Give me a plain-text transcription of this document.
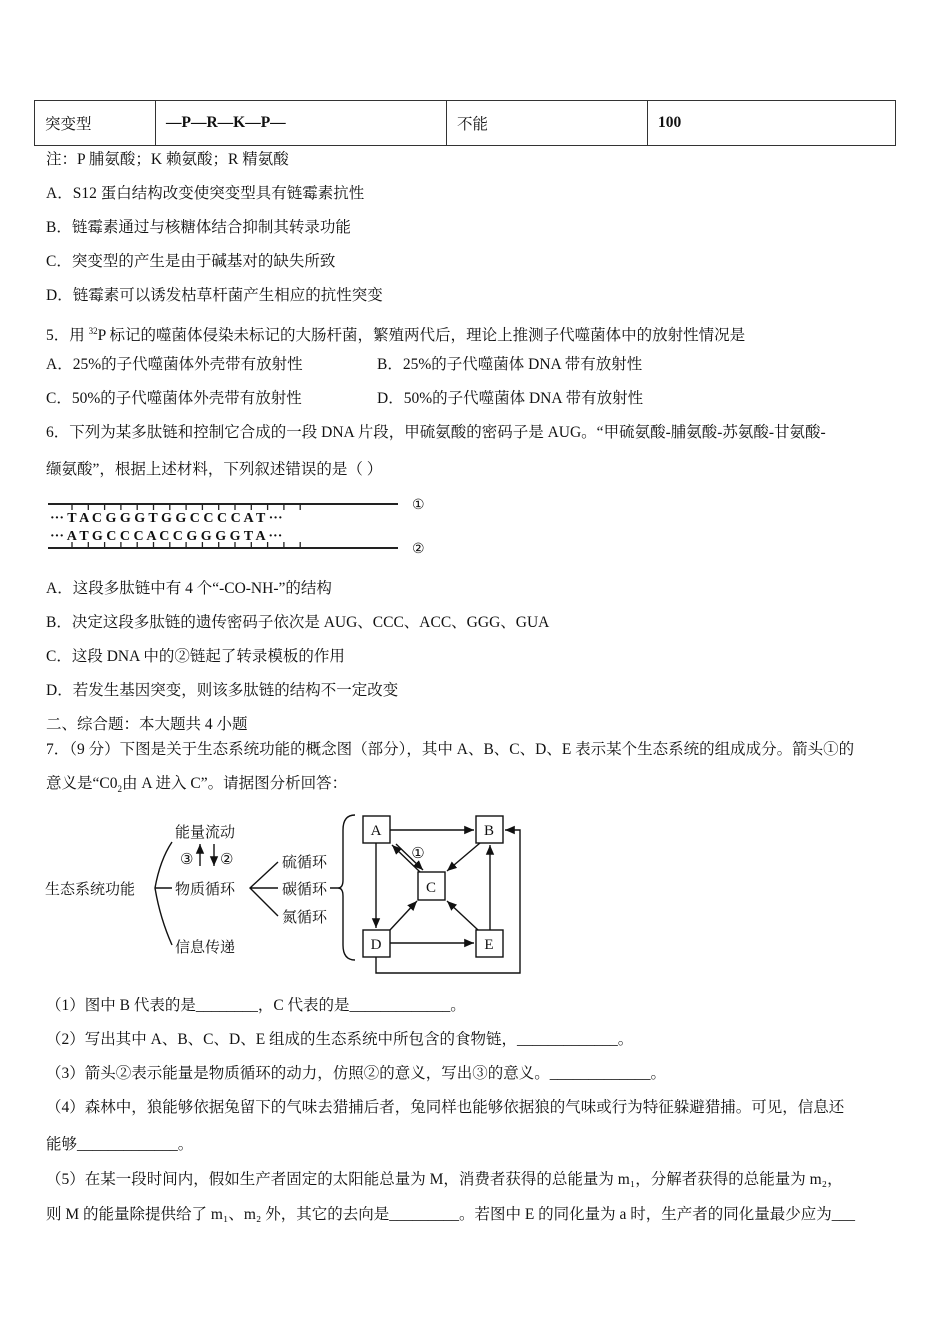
突变型	—P—R—K—P—	不能	100
注：P 脯氨酸；K 赖氨酸；R 精氨酸
A．S12 蛋白结构改变使突变型具有链霉素抗性
B．链霉素通过与核糖体结合抑制其转录功能
C．突变型的产生是由于碱基对的缺失所致
D．链霉素可以诱发枯草杆菌产生相应的抗性突变
5．用 $^{32}$P 标记的噬菌体侵染未标记的大肠杆菌，繁殖两代后，理论上推测子代噬菌体中的放射性情况是
A．25%的子代噬菌体外壳带有放射性	B．25%的子代噬菌体 DNA 带有放射性
C．50%的子代噬菌体外壳带有放射性	D．50%的子代噬菌体 DNA 带有放射性
6．下列为某多肽链和控制它合成的一段 DNA 片段，甲硫氨酸的密码子是 AUG。“甲硫氨酸-脯氨酸-苏氨酸-甘氨酸-
缬氨酸”，根据上述材料，下列叙述错误的是（ ）
··· T A C G G G T G G C C C C A T ···
··· A T G C C C A C C G G G G T A ···
①
②
A．这段多肽链中有 4 个“-CO-NH-”的结构
B．决定这段多肽链的遗传密码子依次是 AUG、CCC、ACC、GGG、GUA
C．这段 DNA 中的②链起了转录模板的作用
D．若发生基因突变，则该多肽链的结构不一定改变
二、综合题：本大题共 4 小题
7．（9 分）下图是关于生态系统功能的概念图（部分），其中 A、B、C、D、E 表示某个生态系统的组成成分。箭头①的
意义是“$C0_2$由 A 进入 C”。请据图分析回答：
生态系统功能
能量流动
物质循环
信息传递
③ ②	硫循环
碳循环
氮循环
A	B
C
D	E
①
（1）图中 B 代表的是________，C 代表的是_____________。
（2）写出其中 A、B、C、D、E 组成的生态系统中所包含的食物链，_____________。
（3）箭头②表示能量是物质循环的动力，仿照②的意义，写出③的意义。_____________。
（4）森林中，狼能够依据兔留下的气味去猎捕后者，兔同样也能够依据狼的气味或行为特征躲避猎捕。可见，信息还
能够_____________。
（5）在某一段时间内，假如生产者固定的太阳能总量为 M，消费者获得的总能量为 m₁，分解者获得的总能量为 m₂，
则 M 的能量除提供给了 m₁、m₂ 外，其它的去向是_________。若图中 E 的同化量为 a 时，生产者的同化量最少应为___
